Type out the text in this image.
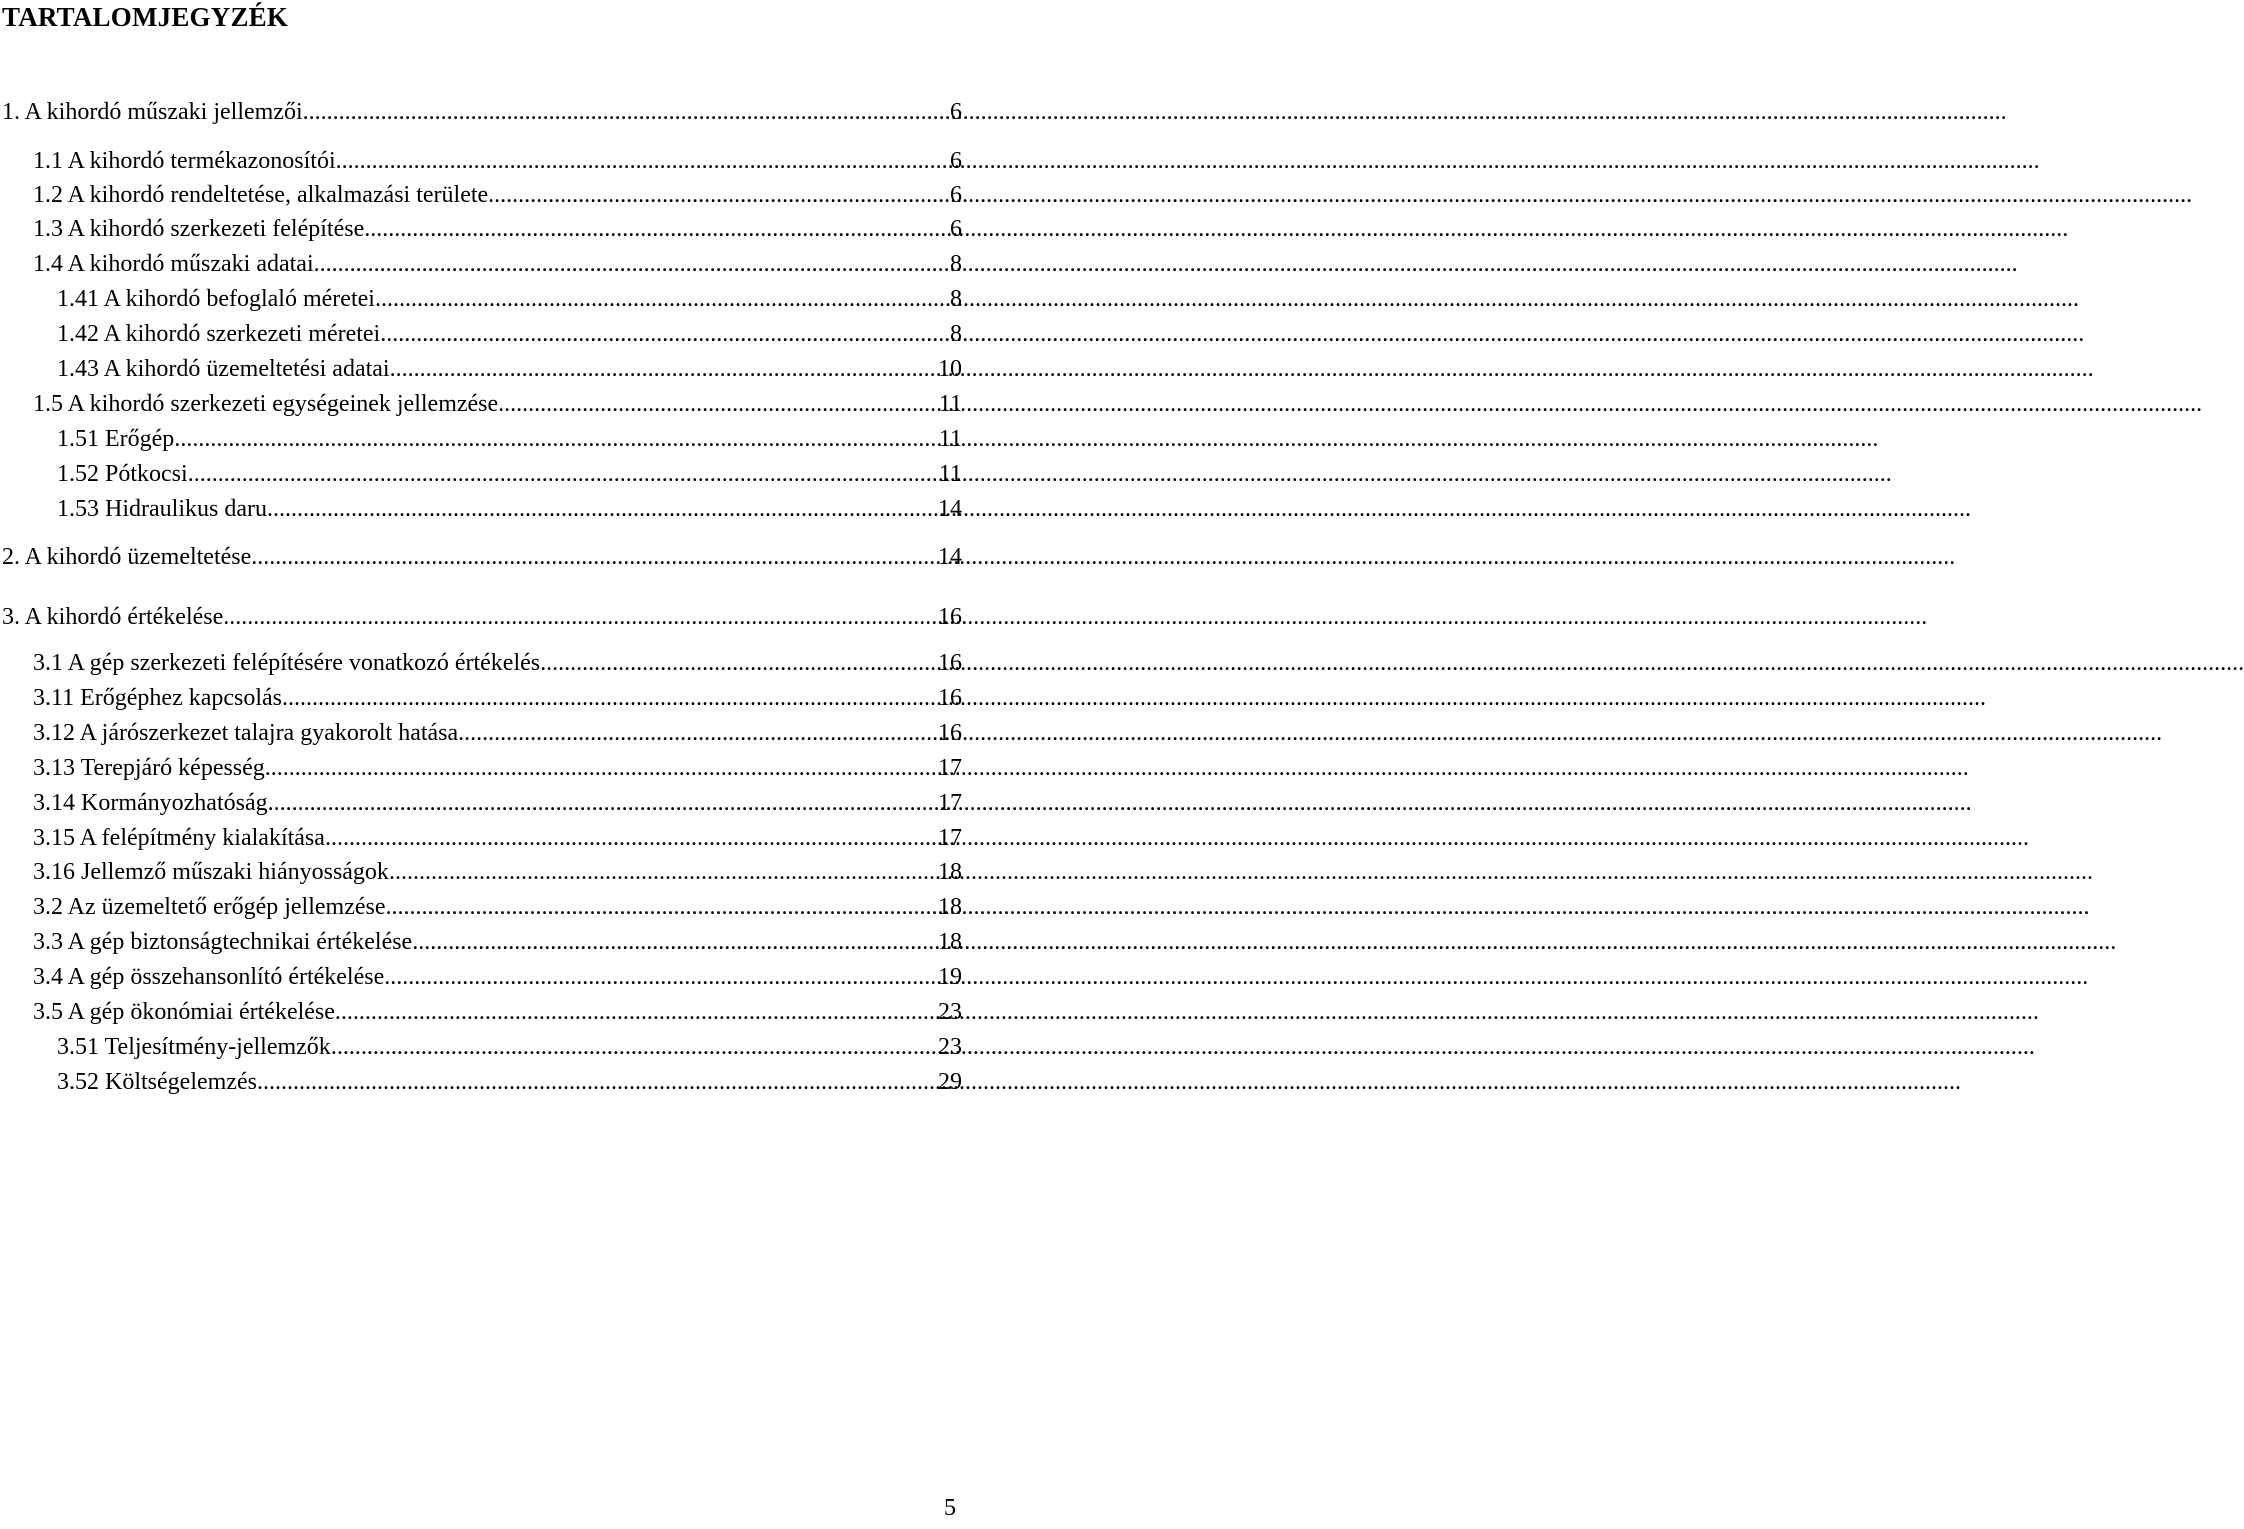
TARTALOMJEGYZÉK
1. A kihordó műszaki jellemzői .....	6
1.1 A kihordó termékazonosítói .....	6
1.2 A kihordó rendeltetése, alkalmazási területe .....	6
1.3 A kihordó szerkezeti felépítése .....	6
1.4 A kihordó műszaki adatai .....	8
1.41 A kihordó befoglaló méretei .....	8
1.42 A kihordó szerkezeti méretei .....	8
1.43 A kihordó üzemeltetési adatai .....	10
1.5 A kihordó szerkezeti egységeinek jellemzése .....	11
1.51 Erőgép .....	11
1.52 Pótkocsi .....	11
1.53 Hidraulikus daru .....	14
2. A kihordó üzemeltetése .....	14
3. A kihordó értékelése .....	16
3.1 A gép szerkezeti felépítésére vonatkozó értékelés .....	16
3.11 Erőgéphez kapcsolás .....	16
3.12 A járószerkezet talajra gyakorolt hatása .....	16
3.13 Terepjáró képesség .....	17
3.14 Kormányozhatóság .....	17
3.15 A felépítmény kialakítása .....	17
3.16 Jellemző műszaki hiányosságok .....	18
3.2 Az üzemeltető erőgép jellemzése .....	18
3.3 A gép biztonságtechnikai értékelése .....	18
3.4 A gép összehansonlító értékelése .....	19
3.5 A gép ökonómiai értékelése .....	23
3.51 Teljesítmény-jellemzők .....	23
3.52 Költségelemzés .....	29
5
